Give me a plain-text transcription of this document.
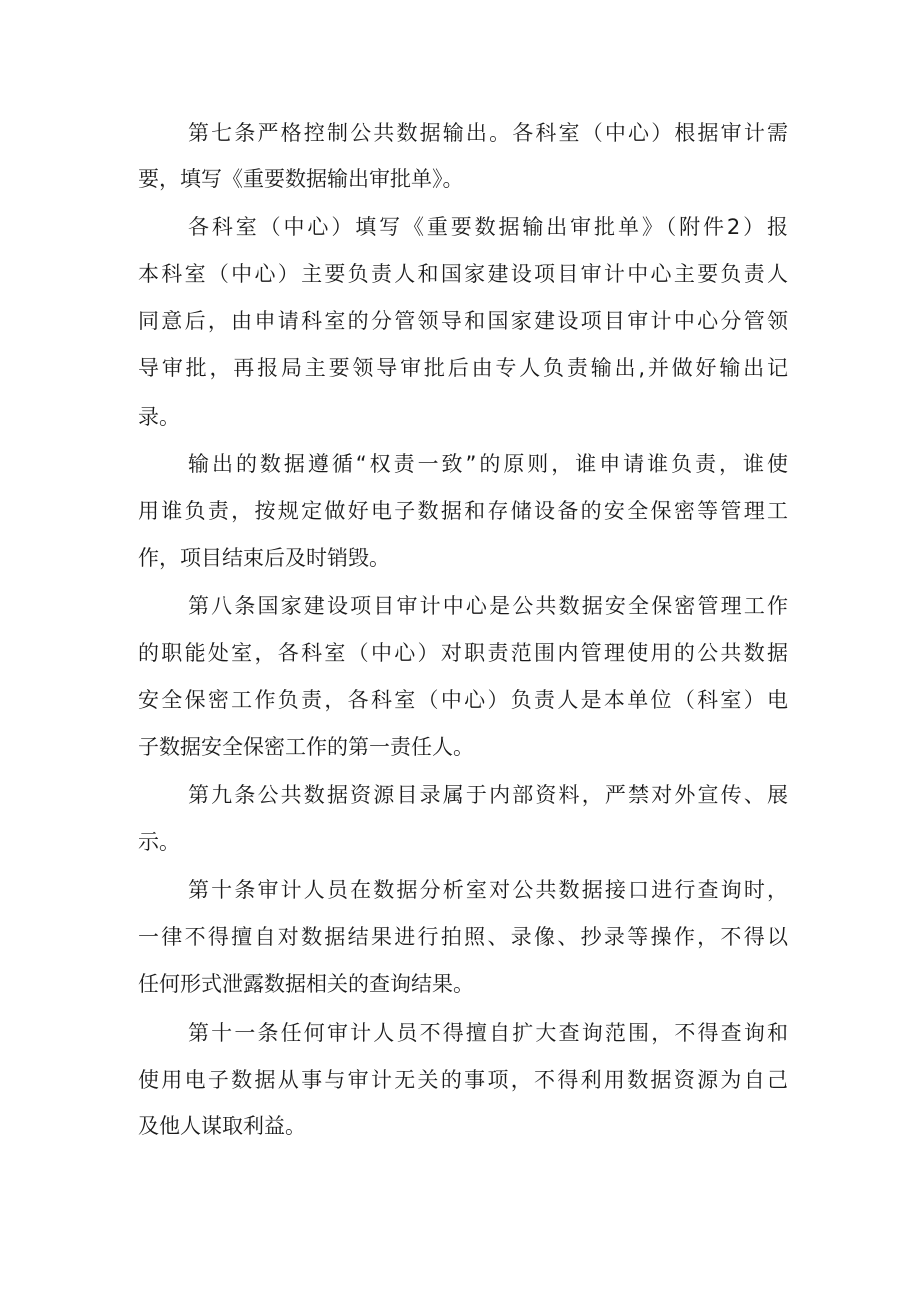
第七条严格控制公共数据输出。各科室（中心）根据审计需
要，填写《重要数据输出审批单》。
各科室（中心）填写《重要数据输出审批单》（附件2）报
本科室（中心）主要负责人和国家建设项目审计中心主要负责人
同意后，由申请科室的分管领导和国家建设项目审计中心分管领
导审批，再报局主要领导审批后由专人负责输出,并做好输出记
录。
输出的数据遵循“权责一致”的原则，谁申请谁负责，谁使
用谁负责，按规定做好电子数据和存储设备的安全保密等管理工
作，项目结束后及时销毁。
第八条国家建设项目审计中心是公共数据安全保密管理工作
的职能处室，各科室（中心）对职责范围内管理使用的公共数据
安全保密工作负责，各科室（中心）负责人是本单位（科室）电
子数据安全保密工作的第一责任人。
第九条公共数据资源目录属于内部资料，严禁对外宣传、展
示。
第十条审计人员在数据分析室对公共数据接口进行查询时，
一律不得擅自对数据结果进行拍照、录像、抄录等操作，不得以
任何形式泄露数据相关的查询结果。
第十一条任何审计人员不得擅自扩大查询范围，不得查询和
使用电子数据从事与审计无关的事项，不得利用数据资源为自己
及他人谋取利益。
